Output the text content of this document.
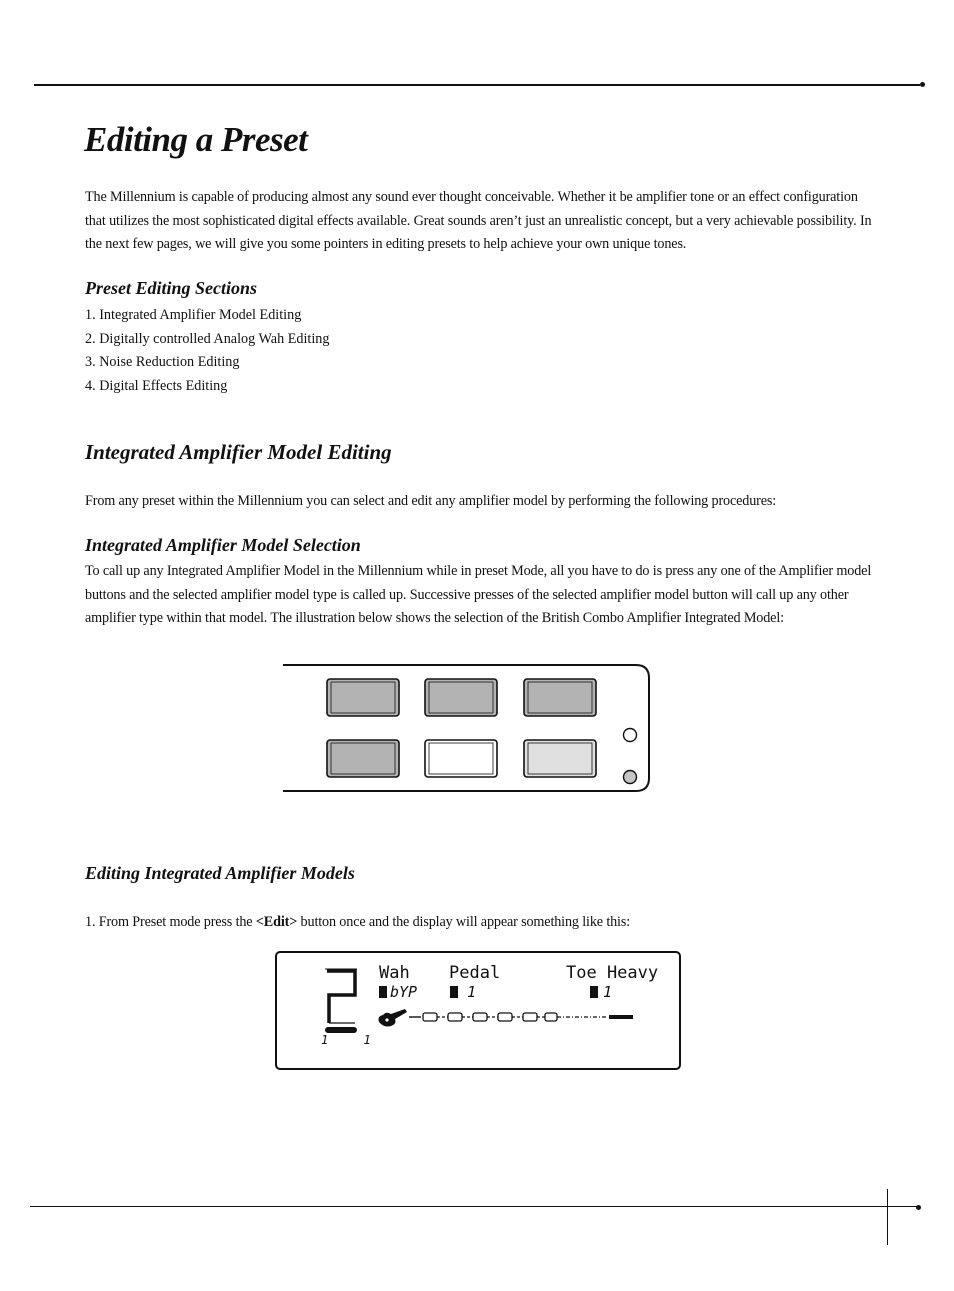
Editing a Preset

The Millennium is capable of producing almost any sound ever thought conceivable. Whether it be amplifier tone or an effect configuration that utilizes the most sophisticated digital effects available. Great sounds aren’t just an unrealistic concept, but a very achievable possibility. In the next few pages, we will give you some pointers in editing presets to help achieve your own unique tones.

Preset Editing Sections
1. Integrated Amplifier Model Editing
2. Digitally controlled Analog Wah Editing
3. Noise Reduction Editing
4. Digital Effects Editing
Integrated Amplifier Model Editing

From any preset within the Millennium you can select and edit any amplifier model by performing the following procedures:

Integrated Amplifier Model Selection

To call up any Integrated Amplifier Model in the Millennium while in preset Mode, all you have to do is press any one of the Amplifier model buttons and the selected amplifier model type is called up. Successive presses of the selected amplifier model button will call up any other amplifier type within that model. The illustration below shows the selection of the British Combo Amplifier Integrated Model:

Editing Integrated Amplifier Models

1. From Preset mode press the <Edit> button once and the display will appear something like this:

1 1
Wah Pedal	Toe Heavy
bYP	1	1
